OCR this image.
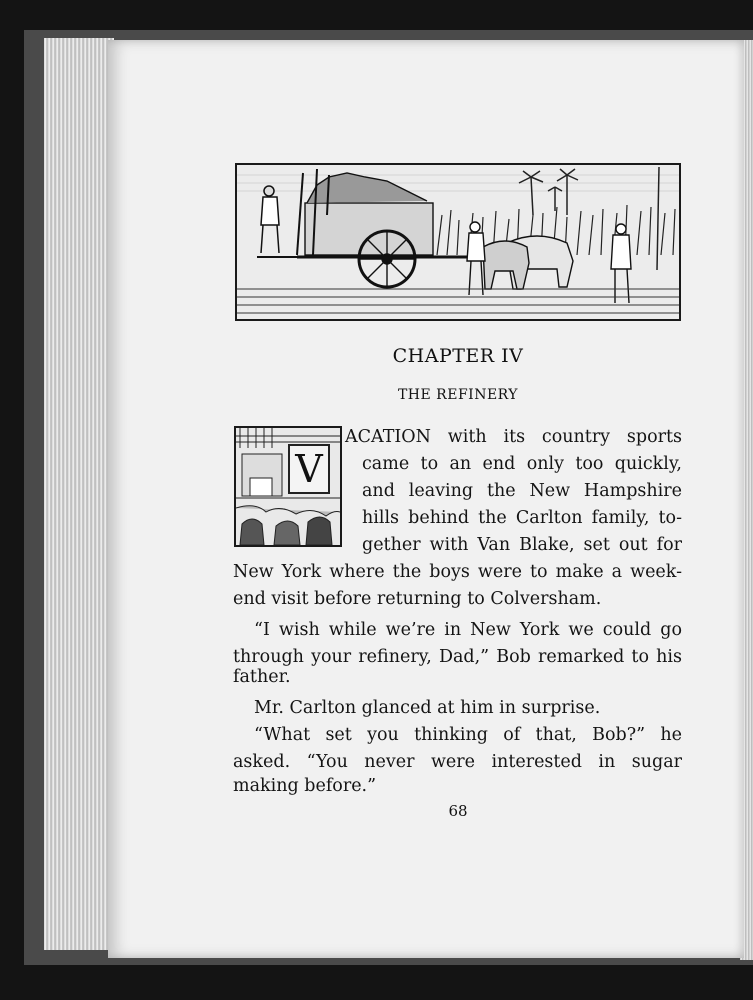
CHAPTER IV
THE REFINERY
V
ACATION with its country sports
came to an end only too quickly,
and leaving the New Hampshire
hills behind the Carlton family, to-
gether with Van Blake, set out for
New York where the boys were to make a week-
end visit before returning to Colversham.
“I wish while we’re in New York we could go
through your refinery, Dad,” Bob remarked to his
father.
Mr. Carlton glanced at him in surprise.
“What set you thinking of that, Bob?” he
asked. “You never were interested in sugar
making before.”
68
